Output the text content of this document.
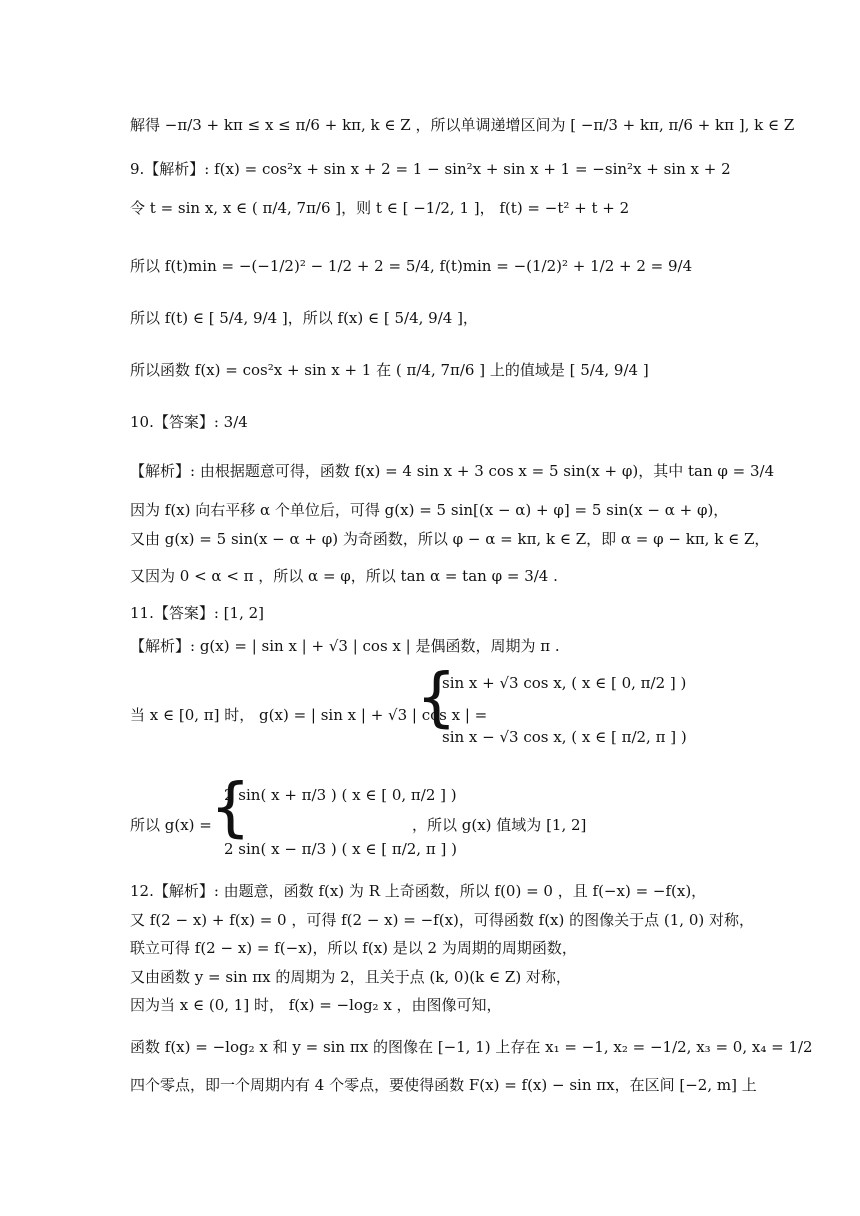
解得 −π/3 + kπ ≤ x ≤ π/6 + kπ, k ∈ Z ，所以单调递增区间为 [ −π/3 + kπ, π/6 + kπ ], k ∈ Z
9.【解析】: f(x) = cos²x + sin x + 2 = 1 − sin²x + sin x + 1 = −sin²x + sin x + 2
令 t = sin x, x ∈ ( π/4, 7π/6 ]，则 t ∈ [ −1/2, 1 ]， f(t) = −t² + t + 2
所以 f(t)min = −(−1/2)² − 1/2 + 2 = 5/4, f(t)min = −(1/2)² + 1/2 + 2 = 9/4
所以 f(t) ∈ [ 5/4, 9/4 ]，所以 f(x) ∈ [ 5/4, 9/4 ]，
所以函数 f(x) = cos²x + sin x + 1 在 ( π/4, 7π/6 ] 上的值域是 [ 5/4, 9/4 ]
10.【答案】: 3/4
【解析】: 由根据题意可得，函数 f(x) = 4 sin x + 3 cos x = 5 sin(x + φ)，其中 tan φ = 3/4
因为 f(x) 向右平移 α 个单位后，可得 g(x) = 5 sin[(x − α) + φ] = 5 sin(x − α + φ)，
又由 g(x) = 5 sin(x − α + φ) 为奇函数，所以 φ − α = kπ, k ∈ Z，即 α = φ − kπ, k ∈ Z，
又因为 0 < α < π ，所以 α = φ，所以 tan α = tan φ = 3/4 .
11.【答案】: [1, 2]
【解析】: g(x) = | sin x | + √3 | cos x | 是偶函数，周期为 π .
当 x ∈ [0, π] 时， g(x) = | sin x | + √3 | cos x | =
{
sin x + √3 cos x, ( x ∈ [ 0, π/2 ] )
sin x − √3 cos x, ( x ∈ [ π/2, π ] )
所以 g(x) =
{
2 sin( x + π/3 ) ( x ∈ [ 0, π/2 ] )
2 sin( x − π/3 ) ( x ∈ [ π/2, π ] )
，所以 g(x) 值域为 [1, 2]
12.【解析】: 由题意，函数 f(x) 为 R 上奇函数，所以 f(0) = 0 ，且 f(−x) = −f(x)，
又 f(2 − x) + f(x) = 0 ，可得 f(2 − x) = −f(x)，可得函数 f(x) 的图像关于点 (1, 0) 对称，
联立可得 f(2 − x) = f(−x)，所以 f(x) 是以 2 为周期的周期函数，
又由函数 y = sin πx 的周期为 2，且关于点 (k, 0)(k ∈ Z) 对称，
因为当 x ∈ (0, 1] 时， f(x) = −log₂ x ，由图像可知，
函数 f(x) = −log₂ x 和 y = sin πx 的图像在 [−1, 1) 上存在 x₁ = −1, x₂ = −1/2, x₃ = 0, x₄ = 1/2
四个零点，即一个周期内有 4 个零点，要使得函数 F(x) = f(x) − sin πx，在区间 [−2, m] 上
